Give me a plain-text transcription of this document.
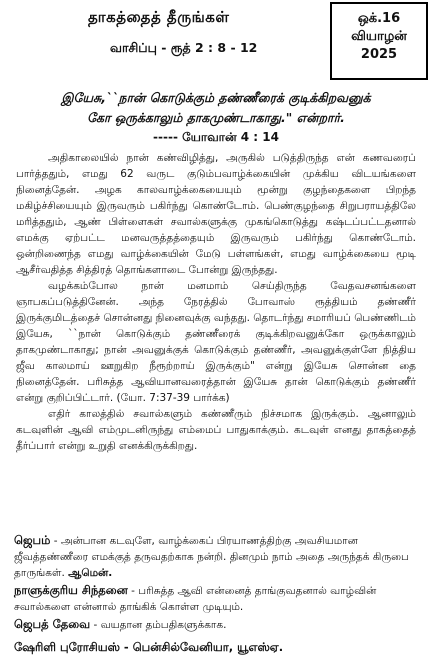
தாகத்தைத் தீருங்கள்
வாசிப்பு - ரூத் 2 : 8 - 12
ஒக்.16
வியாழன்
2025
இயேசு,``நான் கொடுக்கும் தண்ணீரைக் குடிக்கிறவனுக்
கோ ஒருக்காலும் தாகமுண்டாகாது." என்றார்.
----- யோவான் 4 : 14

அதிகாலையில் நான் கண்விழித்து, அருகில் படுத்திருந்த என் கணவரைப் பார்த்ததும், எமது 62 வருட குடும்பவாழ்க்கையின் முக்கிய விடயங்களை நினைத்தேன். அழக காலவாழ்க்கையையும் மூன்று குழந்தைகளை பிறந்த மகிழ்ச்சியையும் இருவரும் பகிர்ந்து கொண்டோம். பெண்குழந்தை சிறுபராயத்திலே மரித்ததும், ஆண் பிள்ளைகள் சவால்களுக்கு முகங்கொடுத்து கஷ்டப்பட்டதனால் எமக்கு ஏற்பட்ட மனவருத்தத்தையும் இருவரும் பகிர்ந்து கொண்டோம். ஒன்றிணைந்த எமது வாழ்க்கையின் மேடு பள்ளங்கள், எமது வாழ்க்கையை மூடி ஆசீர்வதித்த சித்திரத் தொங்களாடை போன்று இருந்தது.

வழக்கம்போல நான் மனமாம் செய்திருந்த வேதவசனங்களை ஞாபகப்படுத்தினேன். அந்த நேரத்தில் போவாஸ் ரூத்தியம் தண்ணீர் இருக்குமிடத்தைச் சொன்னது நினைவுக்கு வந்தது. தொடர்ந்து சமாரியப் பெண்ணிடம் இயேசு, ``நான் கொடுக்கும் தண்ணீரைக் குடிக்கிறவனுக்கோ ஒருக்காலும் தாகமுண்டாகாது; நான் அவனுக்குக் கொடுக்கும் தண்ணீர், அவனுக்குள்ளே நித்திய ஜீவ காலமாய் ஊறுகிற நீரூற்றாய் இருக்கும்" என்று இயேசு சொன்ன தை நினைத்தேன். பரிசுத்த ஆவியானவரைத்தான் இயேசு தான் கொடுக்கும் தண்ணீர் என்று குறிப்பிட்டார். (யோ. 7:37-39 பார்க்க)

எதிர் காலத்தில் சவால்களும் கண்ணீரும் நிச்சமாக இருக்கும். ஆனாலும் கடவுளின் ஆவி எம்முடனிருந்து எம்மைப் பாதுகாக்கும். கடவுள் எனது தாகத்தைத் தீர்ப்பார் என்று உறுதி எனக்கிருக்கிறது.

ஜெபம் - அன்பான கடவுளே, வாழ்க்கைப் பிரயாணத்திற்கு அவசியமான ஜீவத்தண்ணீரை எமக்குத் தருவதற்காக நன்றி. தினமும் நாம் அதை அருந்தக் கிருபை தாருங்கள். ஆமென்.

நாளுக்குரிய சிந்தனை - பரிசுத்த ஆவி என்னைத் தாங்குவதனால் வாழ்வின் சவால்களை என்னால் தாங்கிக் கொள்ள முடியும்.

ஜெபத் தேவை - வயதான தம்பதிகளுக்காக.

ஷேரிளி புரோசியஸ் - பென்சில்வேனியா, யூஎஸ்ஏ.
